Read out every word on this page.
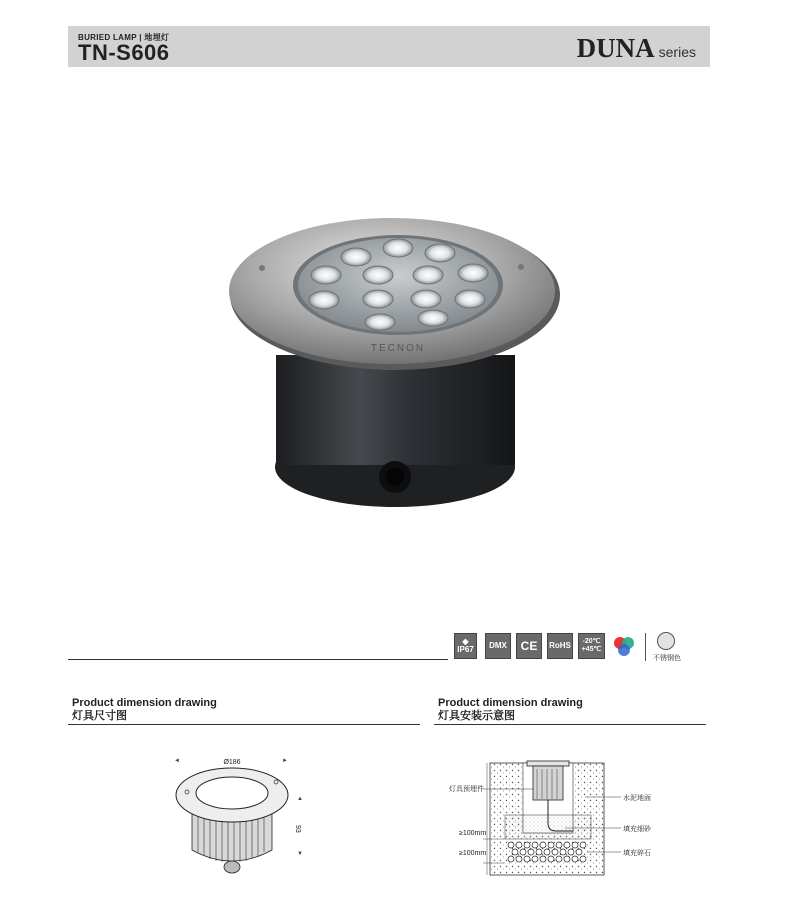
BURIED LAMP | 地埋灯
TN-S606	DUNA series
TECNON
◆
IP67 DMX CE RoHS -20℃
+45℃
不锈钢色
Product dimension drawing
灯具尺寸图
Product dimension drawing
灯具安装示意图
◄	►
Ø186
▲
▼
93
灯具预埋件
水泥地面
填充细砂
填充碎石
≥100mm
≥100mm
